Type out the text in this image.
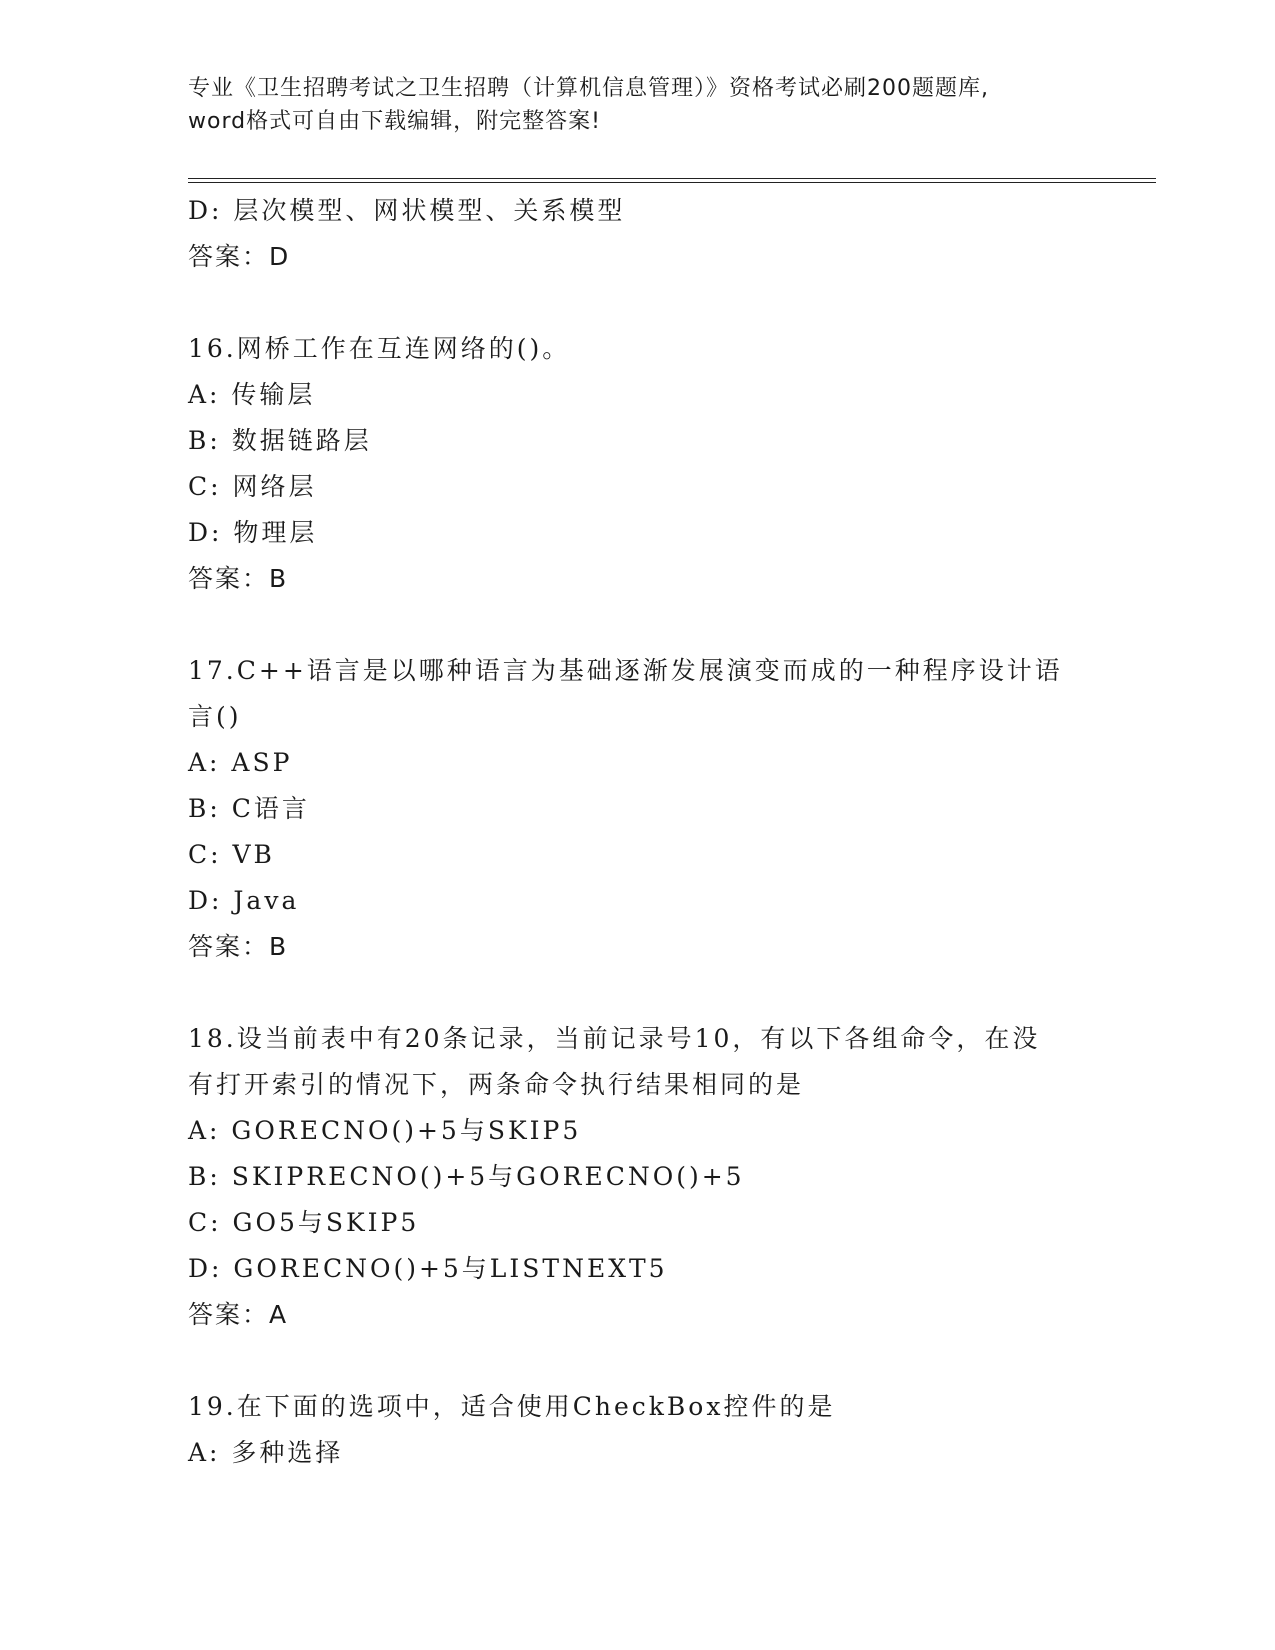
专业《卫生招聘考试之卫生招聘（计算机信息管理）》资格考试必刷200题题库,
word格式可自由下载编辑，附完整答案!
D: 层次模型、网状模型、关系模型
答案：D
16.网桥工作在互连网络的()。
A: 传输层
B: 数据链路层
C: 网络层
D: 物理层
答案：B
17.C++语言是以哪种语言为基础逐渐发展演变而成的一种程序设计语
言()
A: ASP
B: C语言
C: VB
D: Java
答案：B
18.设当前表中有20条记录，当前记录号10，有以下各组命令，在没
有打开索引的情况下，两条命令执行结果相同的是
A: GORECNO()+5与SKIP5
B: SKIPRECNO()+5与GORECNO()+5
C: GO5与SKIP5
D: GORECNO()+5与LISTNEXT5
答案：A
19.在下面的选项中，适合使用CheckBox控件的是
A: 多种选择
